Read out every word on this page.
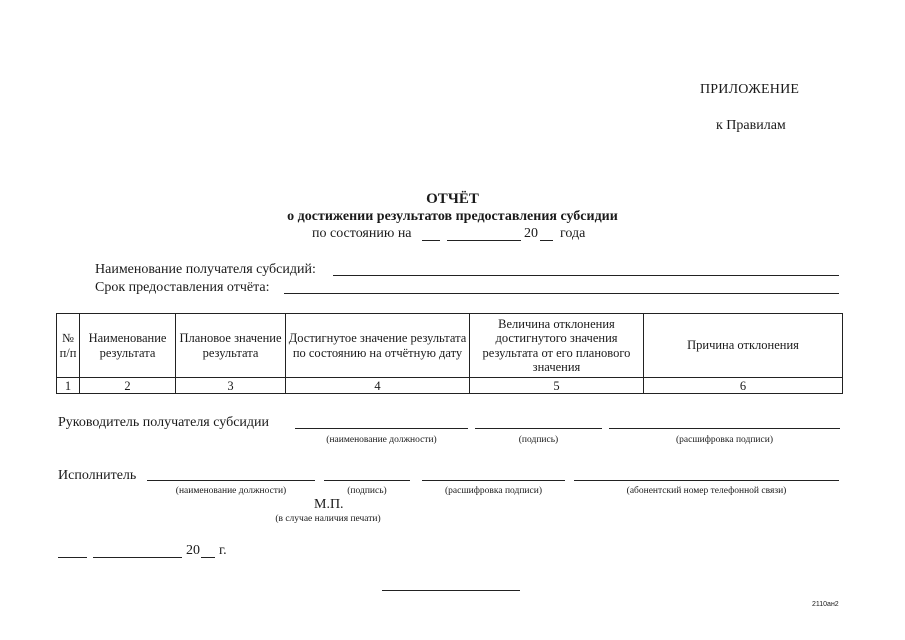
ПРИЛОЖЕНИЕ
к Правилам
ОТЧЁТ
о достижении результатов предоставления субсидии
по состоянию на	20 года
Наименование получателя субсидий:
Срок предоставления отчёта:
№ п/п	Наименование результата	Плановое значение результата	Достигнутое значение результата по состоянию на отчётную дату	Величина отклонения достигнутого значения результата от его планового значения	Причина отклонения
1	2	3	4	5	6
Руководитель получателя субсидии
(наименование должности)	(подпись)	(расшифровка подписи)
Исполнитель
(наименование должности)	(подпись)	(расшифровка подписи)	(абонентский номер телефонной связи)
М.П.
(в случае наличия печати)
20 г.
2110ан2
